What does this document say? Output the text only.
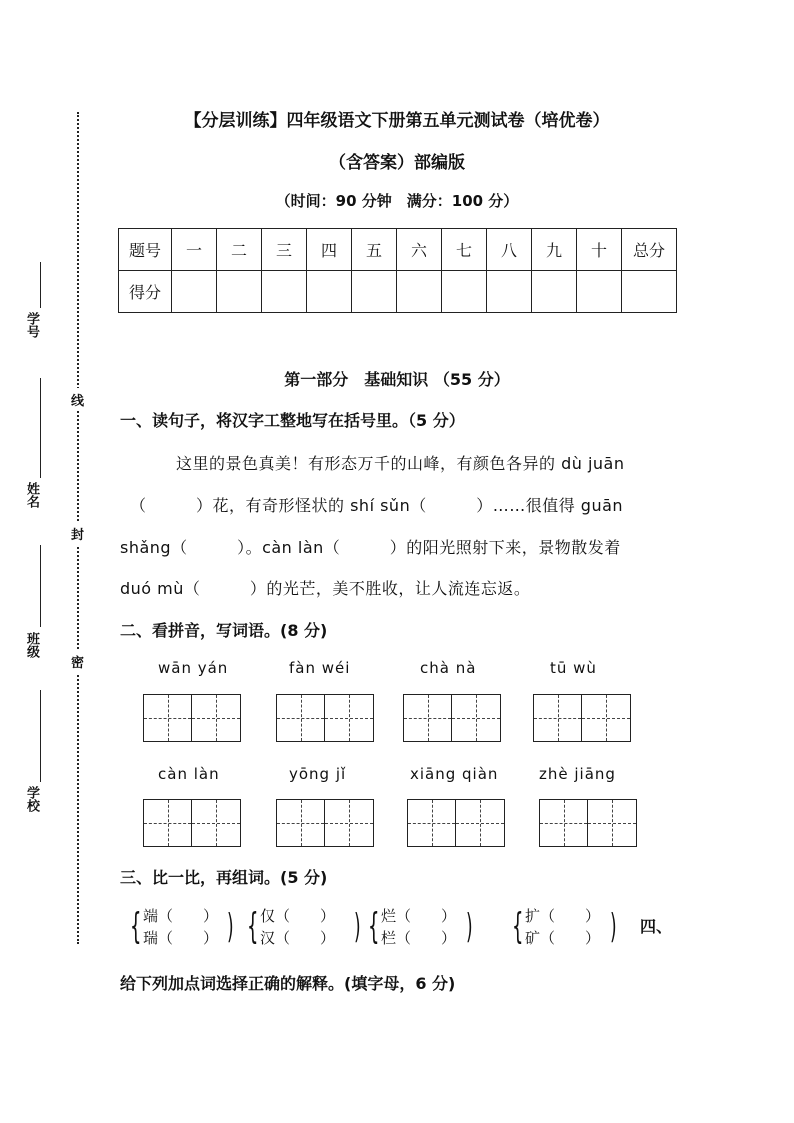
【分层训练】四年级语文下册第五单元测试卷（培优卷）
（含答案）部编版
（时间：90 分钟　满分：100 分）
学号
姓名
班级
学校
线
封
密
题号	一	二	三	四	五	六	七	八	九	十	总分
得分											
第一部分　基础知识 （55 分）
一、读句子，将汉字工整地写在括号里。（5 分）
这里的景色真美！有形态万千的山峰，有颜色各异的 dù juān
（　　　）花，有奇形怪状的 shí sǔn（　　　）……很值得 guān
shǎng（　　　）。càn làn（　　　）的阳光照射下来，景物散发着
duó mù（　　　）的光芒，美不胜收，让人流连忘返。
二、看拼音，写词语。(8 分)
wān yán	fàn wéi	chà nà	tū wù
càn làn	yōng jǐ	xiāng qiàn	zhè jiāng
三、比一比，再组词。(5 分)
{ 端（　　）
瑞（　　） ) { 仅（　　）
汉（　　） ) { 烂（　　）
栏（　　） ) { 扩（　　）
矿（　　） ) 四、
给下列加点词选择正确的解释。(填字母，6 分)
